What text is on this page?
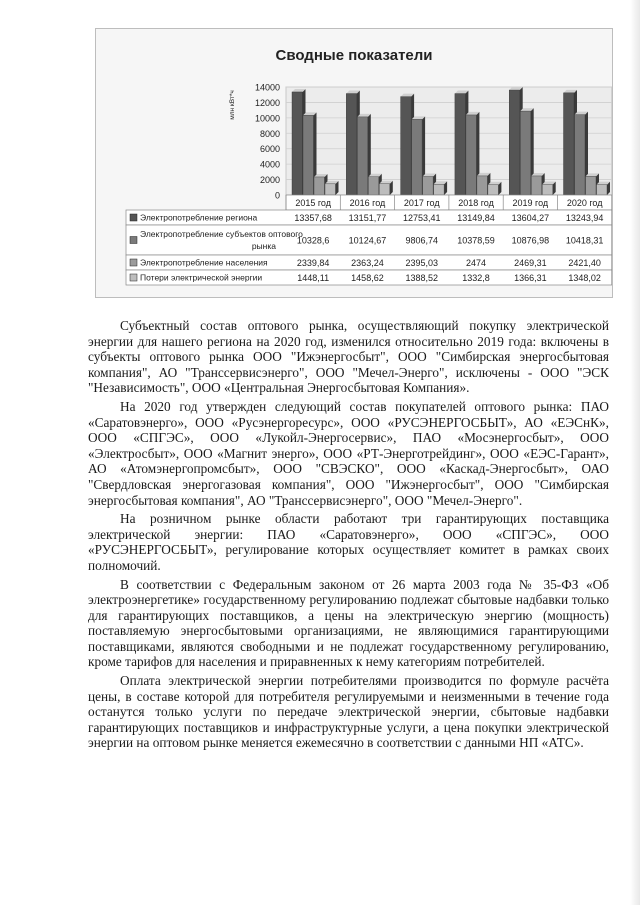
Сводные показатели
14000
12000
10000
8000
6000
4000
2000
0
млн кВт*ч
2015 год 2016 год 2017 год 2018 год 2019 год 2020 год
Электропотребление региона	13357,68 13151,77 12753,41 13149,84 13604,27 13243,94
Электропотребление субъектов оптового
рынка
10328,6 10124,67 9806,74 10378,59 10876,98 10418,31
Электропотребление населения	2339,84 2363,24 2395,03	2474	2469,31 2421,40
Потери электрической энергии	1448,11 1458,62 1388,52	1332,8	1366,31 1348,02

Субъектный состав оптового рынка, осуществляющий покупку электрической энергии для нашего региона на 2020 год, изменился относительно 2019 года: включены в субъекты оптового рынка ООО "Ижэнергосбыт", ООО "Симбирская энергосбытовая компания", АО "Транссервисэнерго", ООО "Мечел-Энерго", исключены - ООО "ЭСК "Независимость", ООО «Центральная Энергосбытовая Компания».

На 2020 год утвержден следующий состав покупателей оптового рынка: ПАО «Саратовэнерго», ООО «Русэнергоресурс», ООО «РУСЭНЕРГОСБЫТ», АО «ЕЭСнК», ООО «СПГЭС», ООО «Лукойл-Энергосервис», ПАО «Мосэнергосбыт», ООО «Электросбыт», ООО «Магнит энерго», ООО «РТ-Энерготрейдинг», ООО «ЕЭС-Гарант», АО «Атомэнергопромсбыт», ООО "СВЭСКО", ООО «Каскад-Энергосбыт», ОАО "Свердловская энергогазовая компания", ООО "Ижэнергосбыт", ООО "Симбирская энергосбытовая компания", АО "Транссервисэнерго", ООО "Мечел-Энерго".

На розничном рынке области работают три гарантирующих поставщика электрической энергии: ПАО «Саратовэнерго», ООО «СПГЭС», ООО «РУСЭНЕРГОСБЫТ», регулирование которых осуществляет комитет в рамках своих полномочий.

В соответствии с Федеральным законом от 26 марта 2003 года № 35-ФЗ «Об электроэнергетике» государственному регулированию подлежат сбытовые надбавки только для гарантирующих поставщиков, а цены на электрическую энергию (мощность) поставляемую энергосбытовыми организациями, не являющимися гарантирующими поставщиками, являются свободными и не подлежат государственному регулированию, кроме тарифов для населения и приравненных к нему категориям потребителей.

Оплата электрической энергии потребителями производится по формуле расчёта цены, в составе которой для потребителя регулируемыми и неизменными в течение года останутся только услуги по передаче электрической энергии, сбытовые надбавки гарантирующих поставщиков и инфраструктурные услуги, а цена покупки электрической энергии на оптовом рынке меняется ежемесячно в соответствии с данными НП «АТС».
